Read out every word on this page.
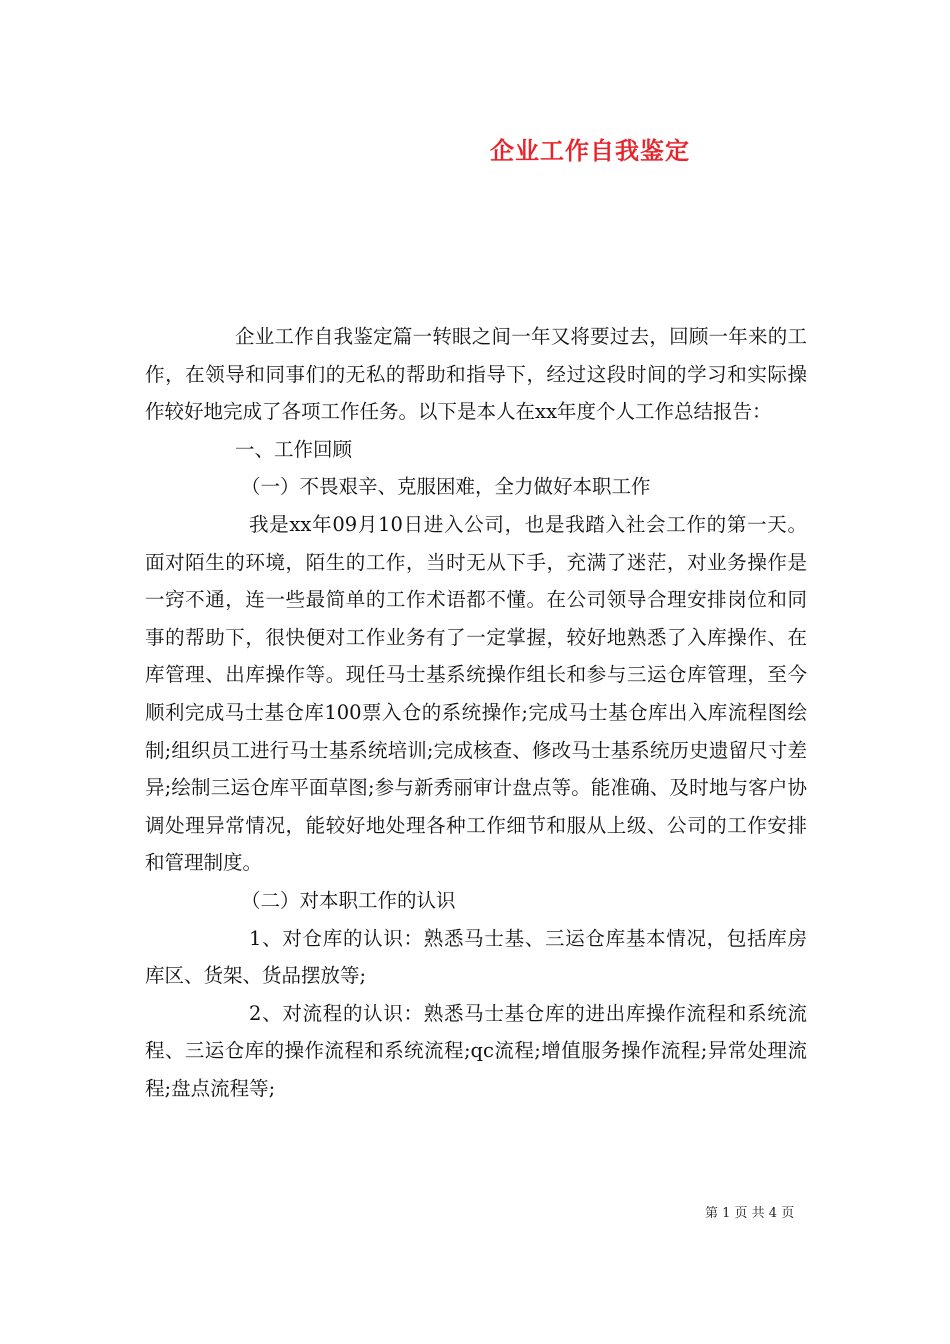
企业工作自我鉴定

企业工作自我鉴定篇一转眼之间一年又将要过去，回顾一年来的工作，在领导和同事们的无私的帮助和指导下，经过这段时间的学习和实际操作较好地完成了各项工作任务。以下是本人在xx年度个人工作总结报告：

一、工作回顾

（一）不畏艰辛、克服困难，全力做好本职工作

我是xx年09月10日进入公司，也是我踏入社会工作的第一天。面对陌生的环境，陌生的工作，当时无从下手，充满了迷茫，对业务操作是一窍不通，连一些最简单的工作术语都不懂。在公司领导合理安排岗位和同事的帮助下，很快便对工作业务有了一定掌握，较好地熟悉了入库操作、在库管理、出库操作等。现任马士基系统操作组长和参与三运仓库管理，至今顺利完成马士基仓库100票入仓的系统操作;完成马士基仓库出入库流程图绘制;组织员工进行马士基系统培训;完成核查、修改马士基系统历史遗留尺寸差异;绘制三运仓库平面草图;参与新秀丽审计盘点等。能准确、及时地与客户协调处理异常情况，能较好地处理各种工作细节和服从上级、公司的工作安排和管理制度。

（二）对本职工作的认识

1、对仓库的认识：熟悉马士基、三运仓库基本情况，包括库房库区、货架、货品摆放等;

2、对流程的认识：熟悉马士基仓库的进出库操作流程和系统流程、三运仓库的操作流程和系统流程;qc流程;增值服务操作流程;异常处理流程;盘点流程等;

第 1 页 共 4 页
